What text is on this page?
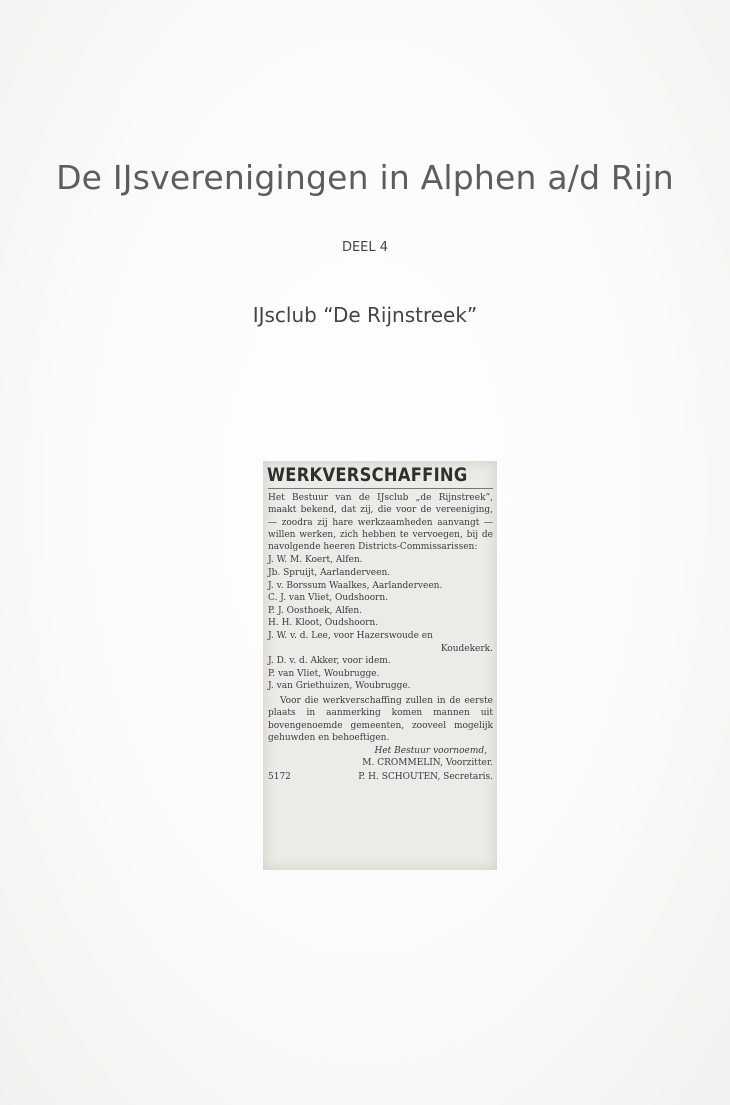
De IJsverenigingen in Alphen a/d Rijn
DEEL 4
IJsclub “De Rijnstreek”
WERKVERSCHAFFING

Het Bestuur van de IJsclub „de Rijnstreek”, maakt bekend, dat zij, die voor de vereeniging, — zoodra zij hare werkzaamheden aanvangt — willen werken, zich hebben te vervoegen, bij de navolgende heeren Districts-Commissarissen:

J. W. M. Koert, Alfen.
Jb. Spruijt, Aarlanderveen.
J. v. Borssum Waalkes, Aarlanderveen.
C. J. van Vliet, Oudshoorn.
P. J. Oosthoek, Alfen.
H. H. Kloot, Oudshoorn.
J. W. v. d. Lee, voor Hazerswoude en
Koudekerk.
J. D. v. d. Akker, voor idem.
P. van Vliet, Woubrugge.
J. van Griethuizen, Woubrugge.

Voor die werkverschaffing zullen in de eerste plaats in aanmerking komen mannen uit bovengenoemde gemeenten, zooveel mogelijk gehuwden en behoeftigen.

Het Bestuur voornoemd,
M. CROMMELIN, Voorzitter.
5172	P. H. SCHOUTEN, Secretaris.
